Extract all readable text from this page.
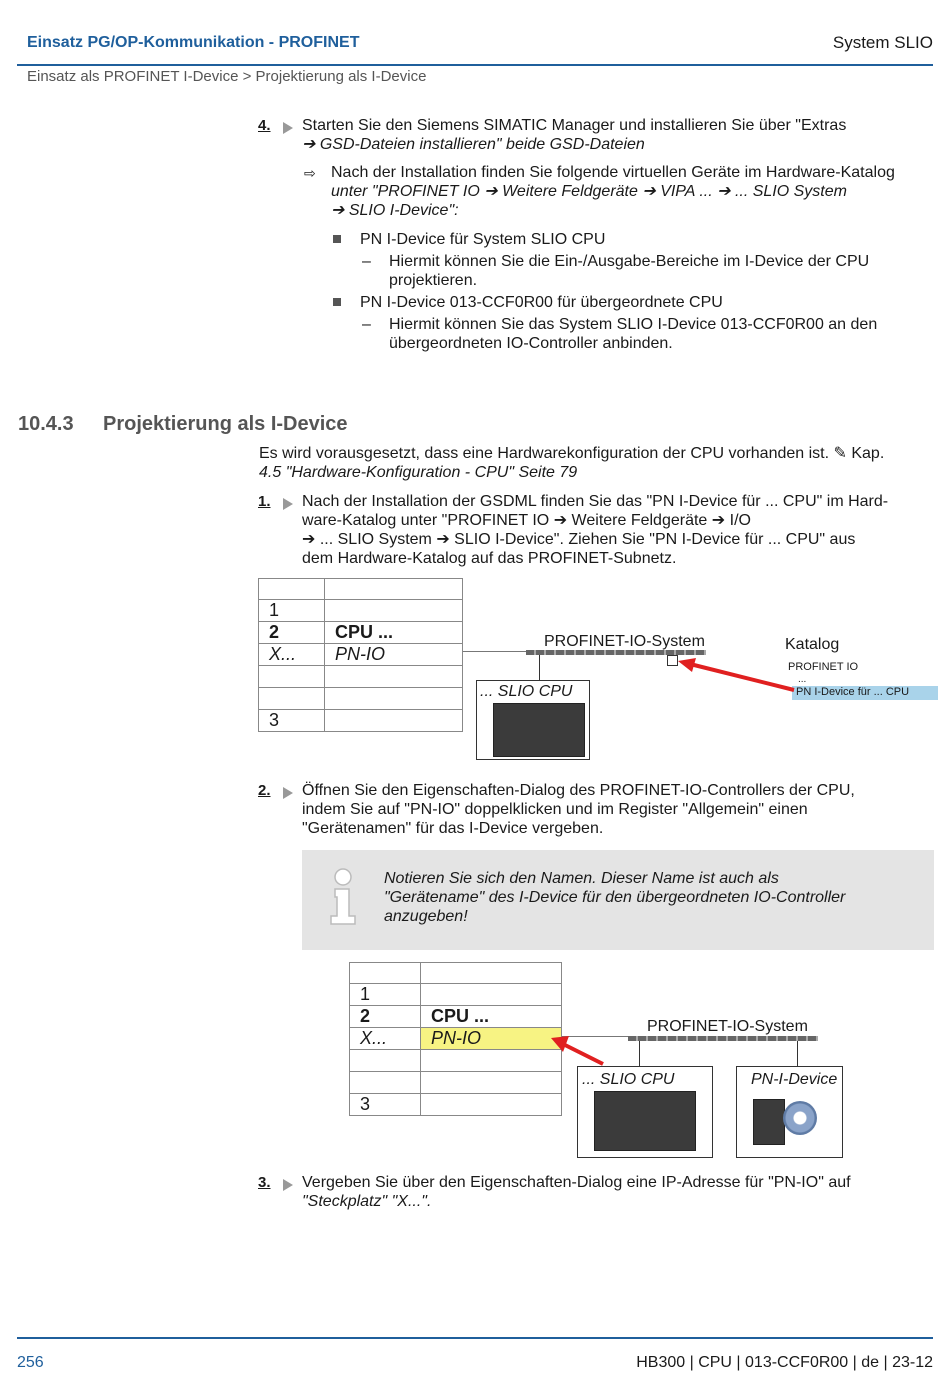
Einsatz PG/OP-Kommunikation - PROFINET	System SLIO
Einsatz als PROFINET I-Device > Projektierung als I-Device
4. Starten Sie den Siemens SIMATIC Manager und installieren Sie über "Extras
➔ GSD-Dateien installieren" beide GSD-Dateien
⇨ Nach der Installation finden Sie folgende virtuellen Geräte im Hardware-Katalog
unter "PROFINET IO ➔ Weitere Feldgeräte ➔ VIPA ... ➔ ... SLIO System
➔ SLIO I-Device":
PN I-Device für System SLIO CPU
– Hiermit können Sie die Ein-/Ausgabe-Bereiche im I-Device der CPU
projektieren.
PN I-Device 013-CCF0R00 für übergeordnete CPU
– Hiermit können Sie das System SLIO I-Device 013-CCF0R00 an den
übergeordneten IO-Controller anbinden.
10.4.3 Projektierung als I-Device
Es wird vorausgesetzt, dass eine Hardwarekonfiguration der CPU vorhanden ist. ✎ Kap.
4.5 "Hardware-Konfiguration - CPU" Seite 79
1. Nach der Installation der GSDML finden Sie das "PN I-Device für ... CPU" im Hard-
ware-Katalog unter "PROFINET IO ➔ Weitere Feldgeräte ➔ I/O
➔ ... SLIO System ➔ SLIO I-Device". Ziehen Sie "PN I-Device für ... CPU" aus
dem Hardware-Katalog auf das PROFINET-Subnetz.

1	
2	CPU ...
X...	PN-IO

3	
PROFINET-IO-System
... SLIO CPU
Katalog
PROFINET IO
...
PN I-Device für ... CPU
2. Öffnen Sie den Eigenschaften-Dialog des PROFINET-IO-Controllers der CPU,
indem Sie auf "PN-IO" doppelklicken und im Register "Allgemein" einen
"Gerätenamen" für das I-Device vergeben.
Notieren Sie sich den Namen. Dieser Name ist auch als
"Gerätename" des I-Device für den übergeordneten IO-Controller
anzugeben!

1	
2	CPU ...
X...	PN-IO

3	
PROFINET-IO-System
... SLIO CPU	PN-I-Device
3. Vergeben Sie über den Eigenschaften-Dialog eine IP-Adresse für "PN-IO" auf
"Steckplatz" "X...".
256	HB300 | CPU | 013-CCF0R00 | de | 23-12
